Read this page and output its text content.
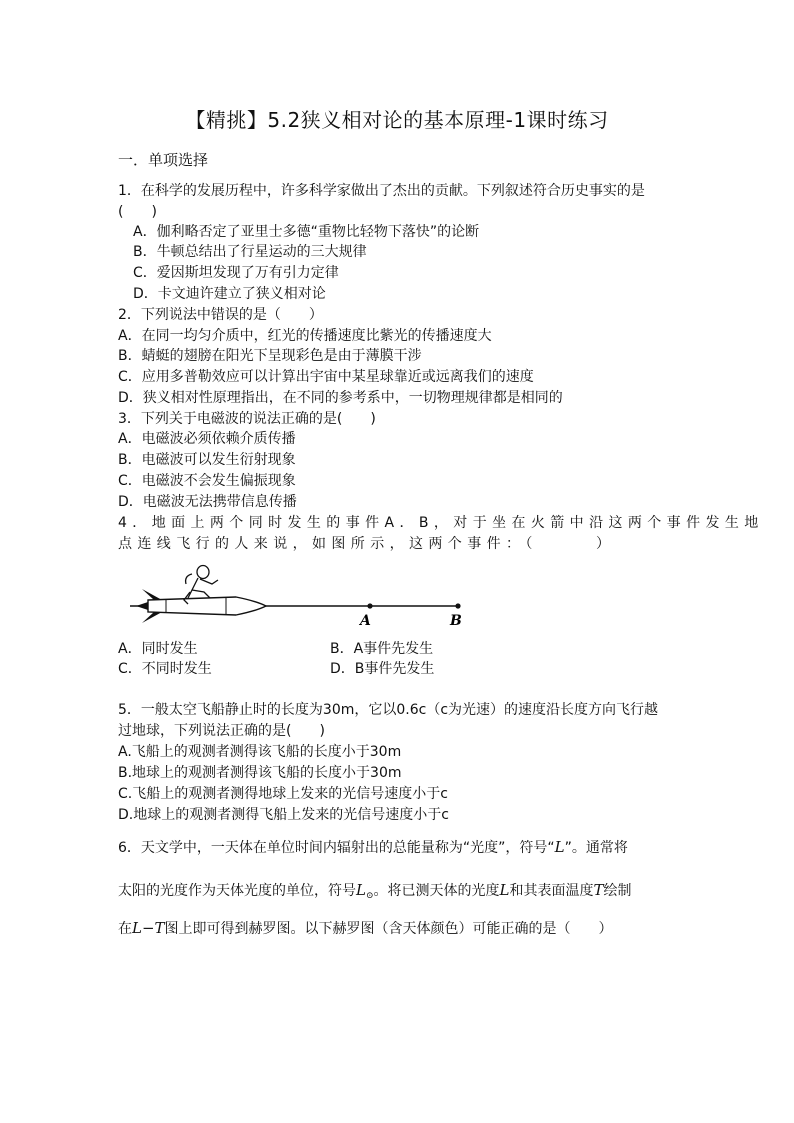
【精挑】5.2狭义相对论的基本原理-1课时练习
一．单项选择
1．在科学的发展历程中，许多科学家做出了杰出的贡献。下列叙述符合历史事实的是
(　　)
A．伽利略否定了亚里士多德“重物比轻物下落快”的论断
B．牛顿总结出了行星运动的三大规律
C．爱因斯坦发现了万有引力定律
D．卡文迪许建立了狭义相对论
2．下列说法中错误的是（　　）
A．在同一均匀介质中，红光的传播速度比紫光的传播速度大
B．蜻蜓的翅膀在阳光下呈现彩色是由于薄膜干涉
C．应用多普勒效应可以计算出宇宙中某星球靠近或远离我们的速度
D．狭义相对性原理指出，在不同的参考系中，一切物理规律都是相同的
3．下列关于电磁波的说法正确的是(　　)
A．电磁波必须依赖介质传播
B．电磁波可以发生衍射现象
C．电磁波不会发生偏振现象
D．电磁波无法携带信息传播
4．地面上两个同时发生的事件A．B，对于坐在火箭中沿这两个事件发生地
点连线飞行的人来说，如图所示，这两个事件：（　　　）
A	B
A．同时发生	B．A事件先发生
C．不同时发生	D．B事件先发生
5．一般太空飞船静止时的长度为30m，它以0.6c（c为光速）的速度沿长度方向飞行越
过地球，下列说法正确的是(　　)
A.飞船上的观测者测得该飞船的长度小于30m
B.地球上的观测者测得该飞船的长度小于30m
C.飞船上的观测者测得地球上发来的光信号速度小于c
D.地球上的观测者测得飞船上发来的光信号速度小于c
6．天文学中，一天体在单位时间内辐射出的总能量称为“光度”，符号“L”。通常将
太阳的光度作为天体光度的单位，符号$L_⊙$。将已测天体的光度L和其表面温度T绘制
在L−T图上即可得到赫罗图。以下赫罗图（含天体颜色）可能正确的是（　　）
